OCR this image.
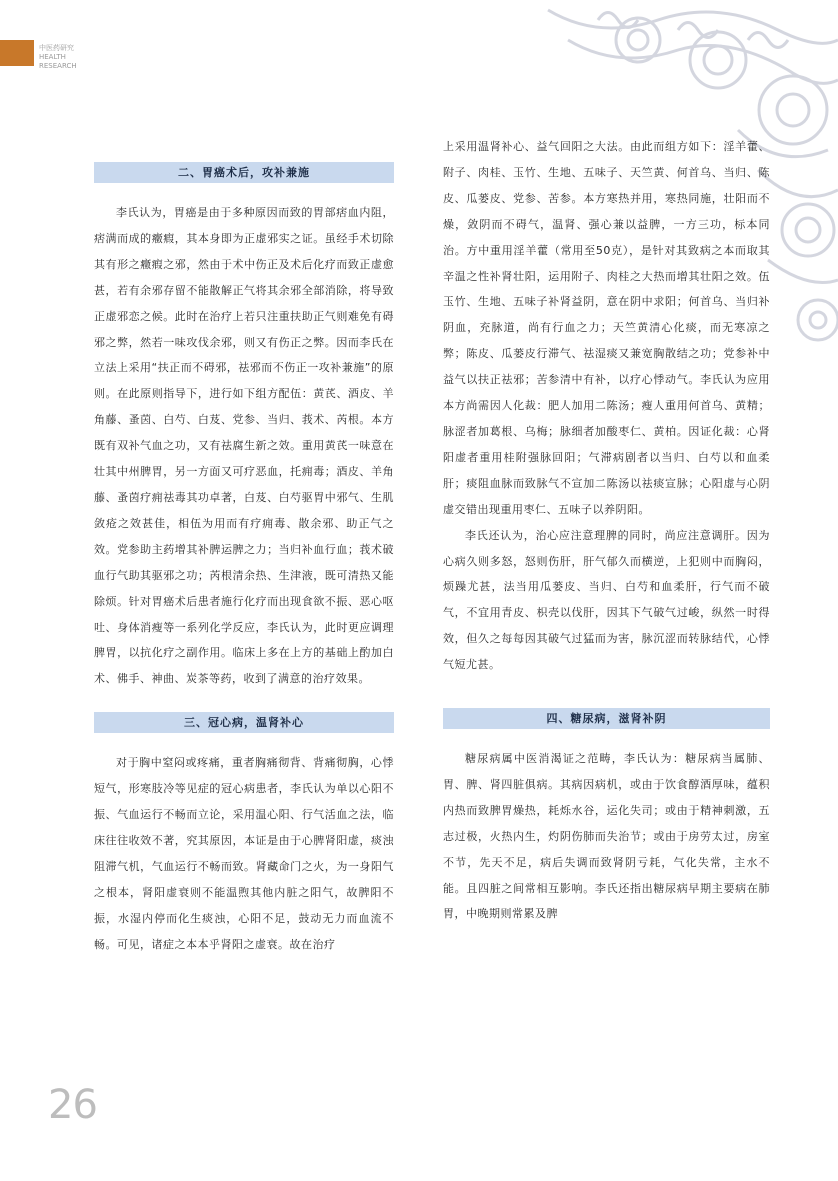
中医药研究 HEALTH RESEARCH
二、胃癌术后，攻补兼施

李氏认为，胃癌是由于多种原因而致的胃部痞血内阻，痞满而成的癥瘕，其本身即为正虚邪实之证。虽经手术切除其有形之癥瘕之邪，然由于术中伤正及术后化疗而致正虚愈甚，若有余邪存留不能散解正气将其余邪全部消除，将导致正虚邪恋之候。此时在治疗上若只注重扶助正气则难免有碍邪之弊，然若一味攻伐余邪，则又有伤正之弊。因而李氏在立法上采用“扶正而不碍邪，祛邪而不伤正一攻补兼施”的原则。在此原则指导下，进行如下组方配伍：黄芪、酒皮、羊角藤、蚤茵、白芍、白芨、党参、当归、莪术、芮根。本方既有双补气血之功，又有祛腐生新之效。重用黄芪一味意在壮其中州脾胃，另一方面又可疗恶血，托痈毒；酒皮、羊角藤、蚤茵疗痈祛毒其功卓著，白芨、白芍驱胃中邪气、生肌敛疮之效甚佳，相伍为用而有疗痈毒、散余邪、助正气之效。党参助主药增其补脾运脾之力；当归补血行血；莪术破血行气助其驱邪之功；芮根清余热、生津液，既可清热又能除烦。针对胃癌术后患者施行化疗而出现食欲不振、恶心呕吐、身体消瘦等一系列化学反应，李氏认为，此时更应调理脾胃，以抗化疗之副作用。临床上多在上方的基础上酌加白术、佛手、神曲、炭茶等药，收到了满意的治疗效果。

三、冠心病，温肾补心

对于胸中窒闷或疼痛，重者胸痛彻背、背痛彻胸，心悸短气，形寒肢冷等见症的冠心病患者，李氏认为单以心阳不振、气血运行不畅而立论，采用温心阳、行气活血之法，临床往往收效不著，究其原因，本证是由于心脾肾阳虚，痰浊阻滞气机，气血运行不畅而致。肾藏命门之火，为一身阳气之根本，肾阳虚衰则不能温煦其他内脏之阳气，故脾阳不振，水湿内停而化生痰浊，心阳不足，鼓动无力而血流不畅。可见，诸症之本本乎肾阳之虚衰。故在治疗

上采用温肾补心、益气回阳之大法。由此而组方如下：淫羊藿、附子、肉桂、玉竹、生地、五味子、天竺黄、何首乌、当归、陈皮、瓜蒌皮、党参、苦参。本方寒热并用，寒热同施，壮阳而不燥，敛阴而不碍气，温肾、强心兼以益脾，一方三功，标本同治。方中重用淫羊藿（常用至50克），是针对其致病之本而取其辛温之性补肾壮阳，运用附子、肉桂之大热而增其壮阳之效。伍玉竹、生地、五味子补肾益阴，意在阴中求阳；何首乌、当归补阴血，充脉道，尚有行血之力；天竺黄清心化痰，而无寒凉之弊；陈皮、瓜蒌皮行滞气、祛湿痰又兼宽胸散结之功；党参补中益气以扶正祛邪；苦参清中有补，以疗心悸动气。李氏认为应用本方尚需因人化裁：肥人加用二陈汤；瘦人重用何首乌、黄精；脉涩者加葛根、乌梅；脉细者加酸枣仁、黄柏。因证化裁：心肾阳虚者重用桂附强脉回阳；气滞病剧者以当归、白芍以和血柔肝；痰阻血脉而致脉气不宣加二陈汤以祛痰宣脉；心阳虚与心阴虚交错出现重用枣仁、五味子以养阴阳。

李氏还认为，治心应注意理脾的同时，尚应注意调肝。因为心病久则多怒，怒则伤肝，肝气郁久而横逆，上犯则中而胸闷，烦躁尤甚，法当用瓜蒌皮、当归、白芍和血柔肝，行气而不破气，不宜用青皮、枳壳以伐肝，因其下气破气过峻，纵然一时得效，但久之每每因其破气过猛而为害，脉沉涩而转脉结代，心悸气短尤甚。

四、糖尿病，滋肾补阴

糖尿病属中医消渴证之范畴，李氏认为：糖尿病当属肺、胃、脾、肾四脏俱病。其病因病机，或由于饮食醇酒厚味，蕴积内热而致脾胃燥热，耗烁水谷，运化失司；或由于精神刺激，五志过极，火热内生，灼阴伤肺而失治节；或由于房劳太过，房室不节，先天不足，病后失调而致肾阴亏耗，气化失常，主水不能。且四脏之间常相互影响。李氏还指出糖尿病早期主要病在肺胃，中晚期则常累及脾

26
